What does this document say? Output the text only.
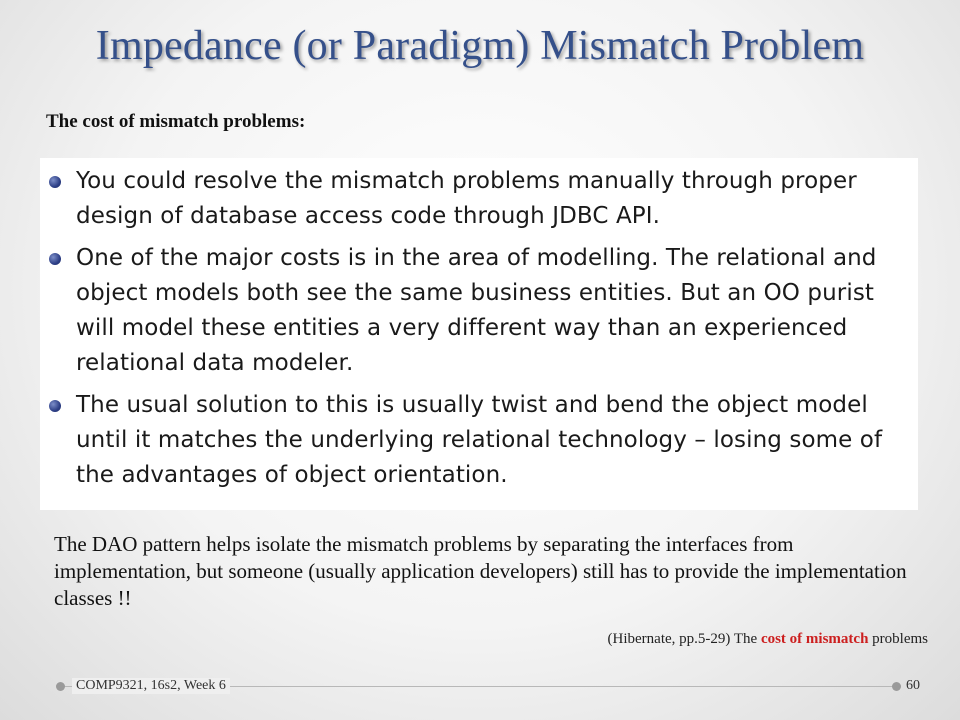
Impedance (or Paradigm) Mismatch Problem
The cost of mismatch problems:
You could resolve the mismatch problems manually through proper design of database access code through JDBC API.
One of the major costs is in the area of modelling. The relational and object models both see the same business entities. But an OO purist will model these entities a very different way than an experienced relational data modeler.
The usual solution to this is usually twist and bend the object model until it matches the underlying relational technology – losing some of the advantages of object orientation.

The DAO pattern helps isolate the mismatch problems by separating the interfaces from implementation, but someone (usually application developers) still has to provide the implementation classes !!

(Hibernate, pp.5-29) The cost of mismatch problems
COMP9321, 16s2, Week 6	60
